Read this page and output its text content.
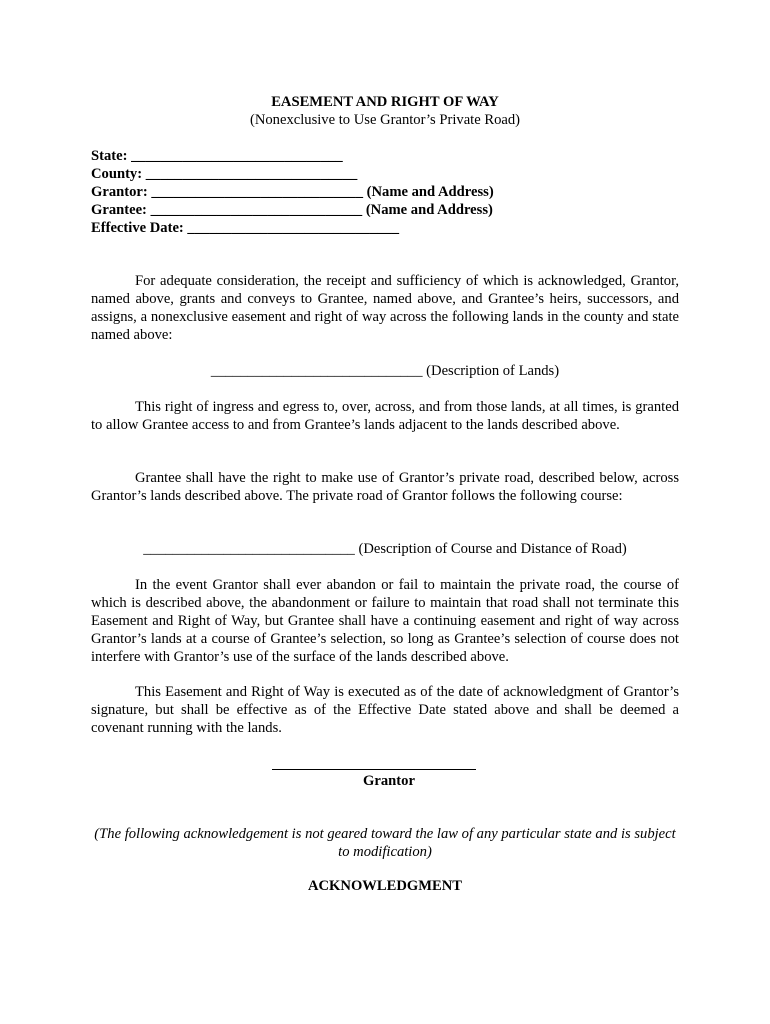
EASEMENT AND RIGHT OF WAY
(Nonexclusive to Use Grantor’s Private Road)
State: _____________________________
County: _____________________________
Grantor: _____________________________ (Name and Address)
Grantee: _____________________________ (Name and Address)
Effective Date: _____________________________
For adequate consideration, the receipt and sufficiency of which is acknowledged, Grantor, named above, grants and conveys to Grantee, named above, and Grantee’s heirs, successors, and assigns, a nonexclusive easement and right of way across the following lands in the county and state named above:
_____________________________ (Description of Lands)
This right of ingress and egress to, over, across, and from those lands, at all times, is granted to allow Grantee access to and from Grantee’s lands adjacent to the lands described above.
Grantee shall have the right to make use of Grantor’s private road, described below, across Grantor’s lands described above. The private road of Grantor follows the following course:
_____________________________ (Description of Course and Distance of Road)
In the event Grantor shall ever abandon or fail to maintain the private road, the course of which is described above, the abandonment or failure to maintain that road shall not terminate this Easement and Right of Way, but Grantee shall have a continuing easement and right of way across Grantor’s lands at a course of Grantee’s selection, so long as Grantee’s selection of course does not interfere with Grantor’s use of the surface of the lands described above.
This Easement and Right of Way is executed as of the date of acknowledgment of Grantor’s signature, but shall be effective as of the Effective Date stated above and shall be deemed a covenant running with the lands.
Grantor
(The following acknowledgement is not geared toward the law of any particular state and is subject to modification)
ACKNOWLEDGMENT
